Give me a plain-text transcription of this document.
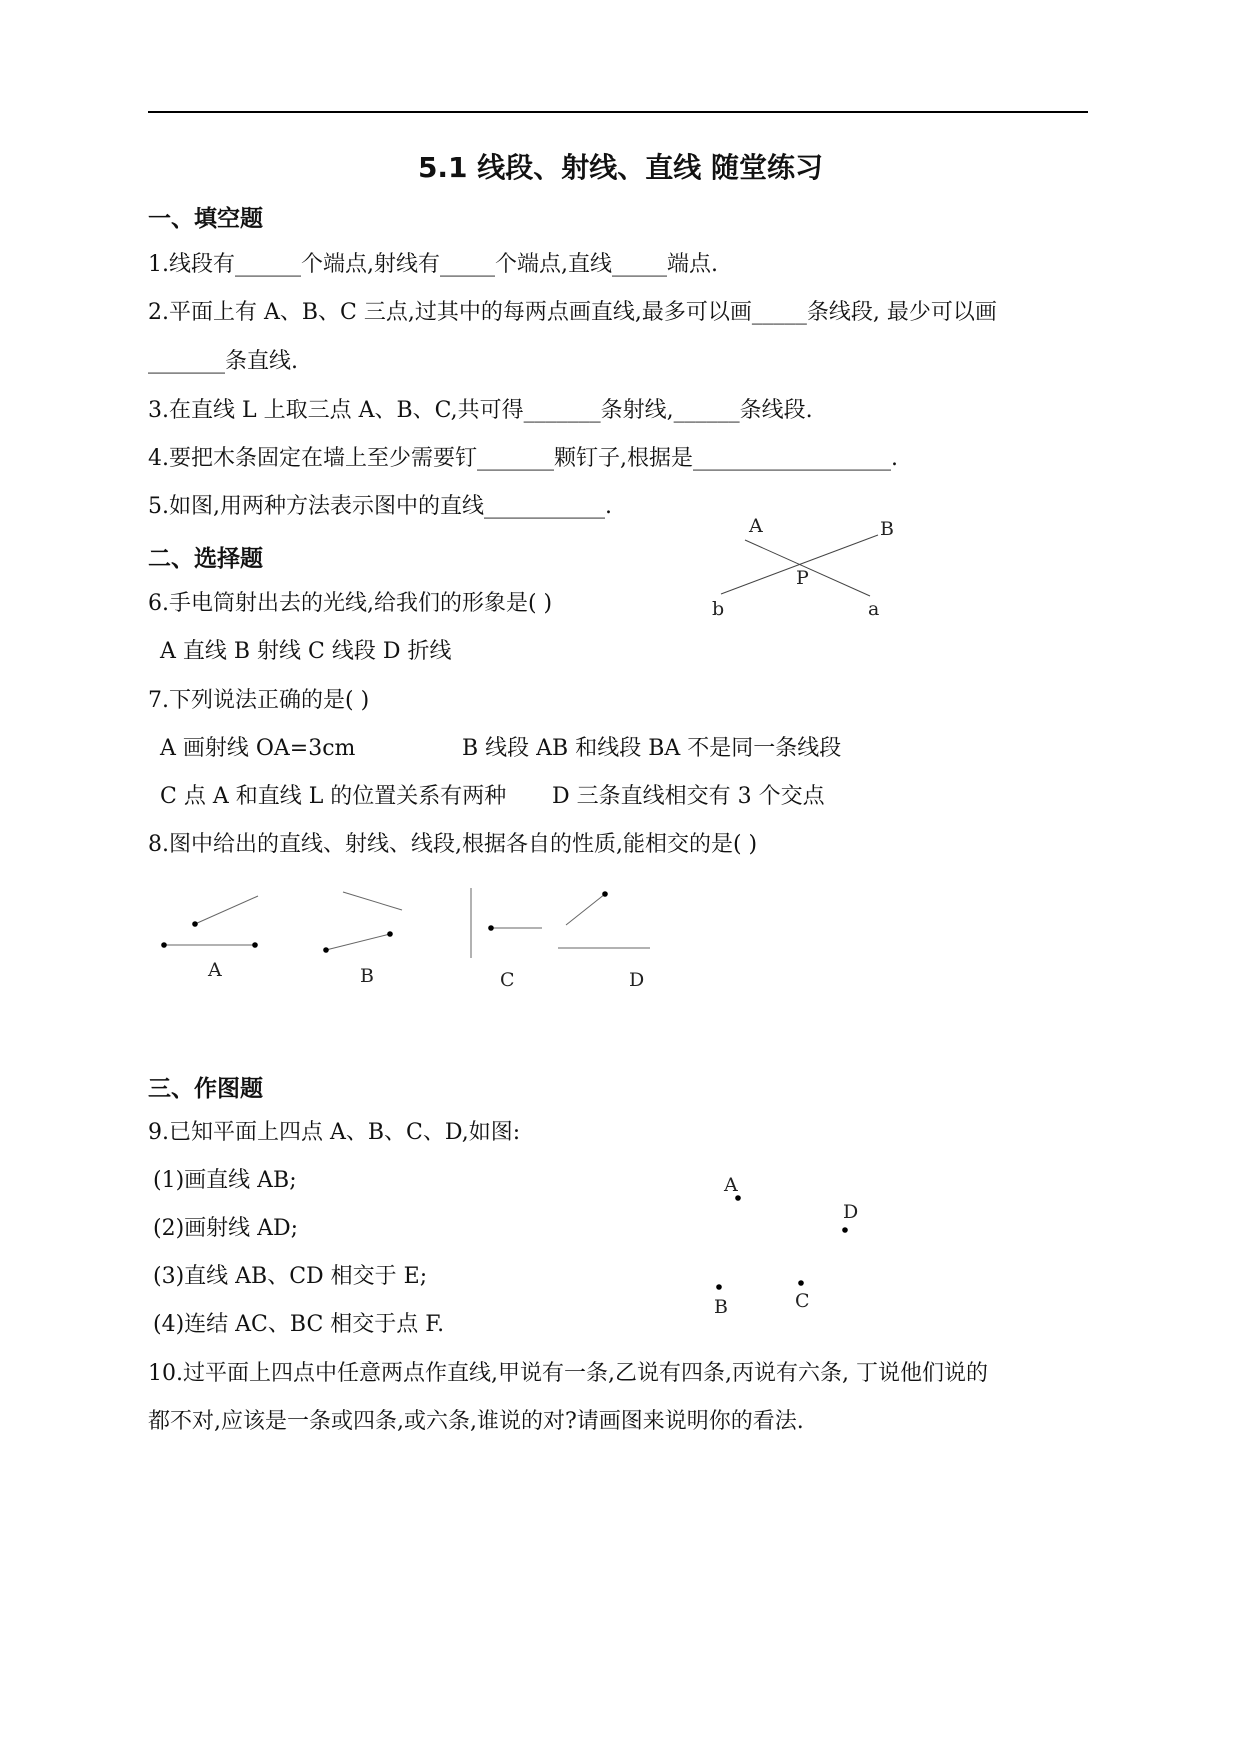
5.1 线段、射线、直线 随堂练习
一、填空题
1.线段有______个端点,射线有_____个端点,直线_____端点.
2.平面上有 A、B、C 三点,过其中的每两点画直线,最多可以画_____条线段, 最少可以画
_______条直线.
3.在直线 L 上取三点 A、B、C,共可得_______条射线,______条线段.
4.要把木条固定在墙上至少需要钉_______颗钉子,根据是__________________.
5.如图,用两种方法表示图中的直线___________.
A	B
P
b	a
二、选择题
6.手电筒射出去的光线,给我们的形象是( )
A 直线 B 射线 C 线段 D 折线
7.下列说法正确的是( )
A 画射线 OA=3cm	B 线段 AB 和线段 BA 不是同一条线段
C 点 A 和直线 L 的位置关系有两种 D 三条直线相交有 3 个交点
8.图中给出的直线、射线、线段,根据各自的性质,能相交的是( )
A	B	C	D
三、作图题
9.已知平面上四点 A、B、C、D,如图:
(1)画直线 AB;
(2)画射线 AD;
(3)直线 AB、CD 相交于 E;
(4)连结 AC、BC 相交于点 F.
A
D
B	C
10.过平面上四点中任意两点作直线,甲说有一条,乙说有四条,丙说有六条, 丁说他们说的
都不对,应该是一条或四条,或六条,谁说的对?请画图来说明你的看法.
